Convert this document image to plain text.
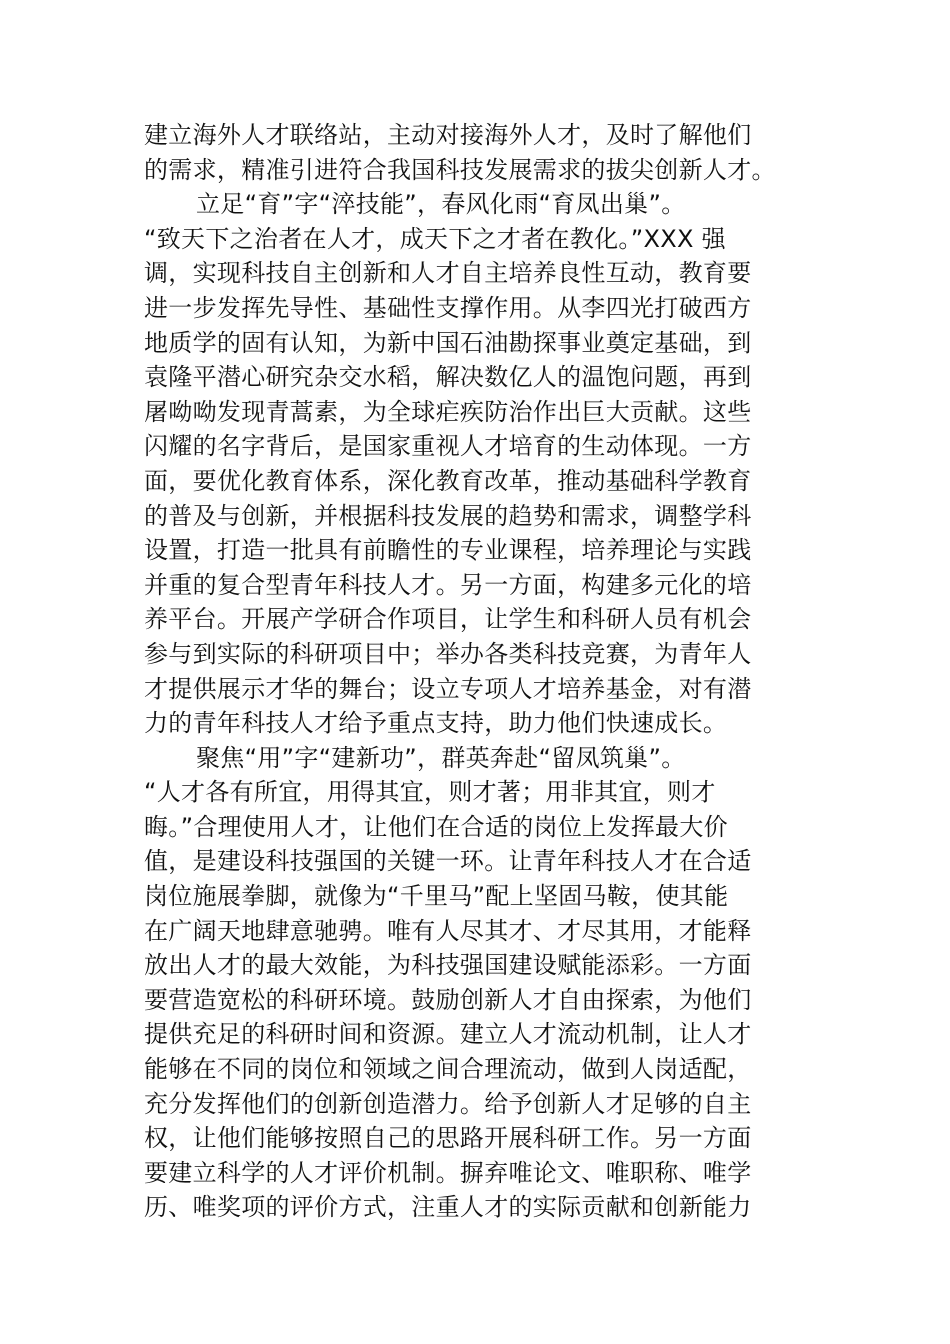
建立海外人才联络站，主动对接海外人才，及时了解他们
的需求，精准引进符合我国科技发展需求的拔尖创新人才。
立足“育”字“淬技能”，春风化雨“育凤出巢”。
“致天下之治者在人才，成天下之才者在教化。”XXX 强
调，实现科技自主创新和人才自主培养良性互动，教育要
进一步发挥先导性、基础性支撑作用。从李四光打破西方
地质学的固有认知，为新中国石油勘探事业奠定基础，到
袁隆平潜心研究杂交水稻，解决数亿人的温饱问题，再到
屠呦呦发现青蒿素，为全球疟疾防治作出巨大贡献。这些
闪耀的名字背后，是国家重视人才培育的生动体现。一方
面，要优化教育体系，深化教育改革，推动基础科学教育
的普及与创新，并根据科技发展的趋势和需求，调整学科
设置，打造一批具有前瞻性的专业课程，培养理论与实践
并重的复合型青年科技人才。另一方面，构建多元化的培
养平台。开展产学研合作项目，让学生和科研人员有机会
参与到实际的科研项目中；举办各类科技竞赛，为青年人
才提供展示才华的舞台；设立专项人才培养基金，对有潜
力的青年科技人才给予重点支持，助力他们快速成长。
聚焦“用”字“建新功”，群英奔赴“留凤筑巢”。
“人才各有所宜，用得其宜，则才著；用非其宜，则才
晦。”合理使用人才，让他们在合适的岗位上发挥最大价
值，是建设科技强国的关键一环。让青年科技人才在合适
岗位施展拳脚，就像为“千里马”配上坚固马鞍，使其能
在广阔天地肆意驰骋。唯有人尽其才、才尽其用，才能释
放出人才的最大效能，为科技强国建设赋能添彩。一方面
要营造宽松的科研环境。鼓励创新人才自由探索，为他们
提供充足的科研时间和资源。建立人才流动机制，让人才
能够在不同的岗位和领域之间合理流动，做到人岗适配，
充分发挥他们的创新创造潜力。给予创新人才足够的自主
权，让他们能够按照自己的思路开展科研工作。另一方面
要建立科学的人才评价机制。摒弃唯论文、唯职称、唯学
历、唯奖项的评价方式，注重人才的实际贡献和创新能力
